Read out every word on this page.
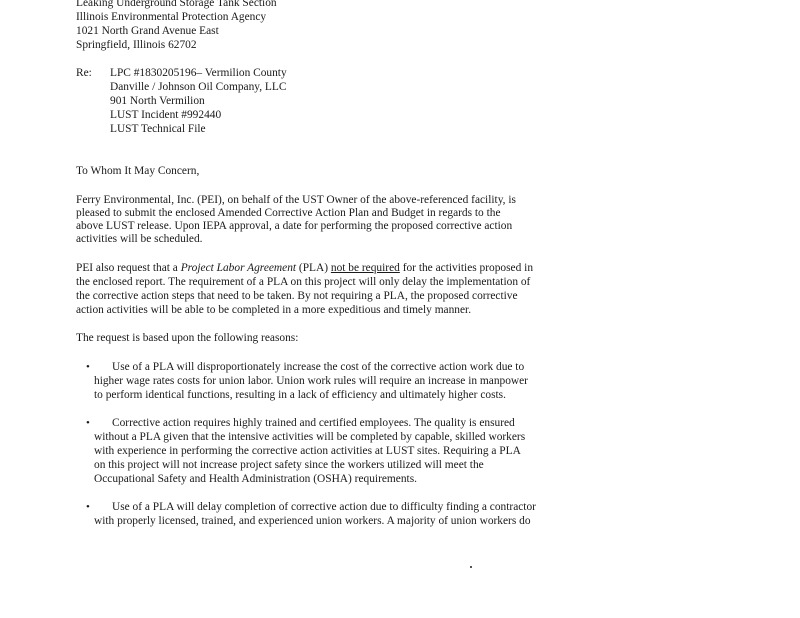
Leaking Underground Storage Tank Section
Illinois Environmental Protection Agency
1021 North Grand Avenue East
Springfield, Illinois 62702
Re: LPC #1830205196– Vermilion County
Danville / Johnson Oil Company, LLC
901 North Vermilion
LUST Incident #992440
LUST Technical File
To Whom It May Concern,
Ferry Environmental, Inc. (PEI), on behalf of the UST Owner of the above-referenced facility, is
pleased to submit the enclosed Amended Corrective Action Plan and Budget in regards to the
above LUST release. Upon IEPA approval, a date for performing the proposed corrective action
activities will be scheduled.
PEI also request that a Project Labor Agreement (PLA) not be required for the activities proposed in
the enclosed report. The requirement of a PLA on this project will only delay the implementation of
the corrective action steps that need to be taken. By not requiring a PLA, the proposed corrective
action activities will be able to be completed in a more expeditious and timely manner.
The request is based upon the following reasons:
• Use of a PLA will disproportionately increase the cost of the corrective action work due to
higher wage rates costs for union labor. Union work rules will require an increase in manpower
to perform identical functions, resulting in a lack of efficiency and ultimately higher costs.
• Corrective action requires highly trained and certified employees. The quality is ensured
without a PLA given that the intensive activities will be completed by capable, skilled workers
with experience in performing the corrective action activities at LUST sites. Requiring a PLA
on this project will not increase project safety since the workers utilized will meet the
Occupational Safety and Health Administration (OSHA) requirements.
• Use of a PLA will delay completion of corrective action due to difficulty finding a contractor
with properly licensed, trained, and experienced union workers. A majority of union workers do
